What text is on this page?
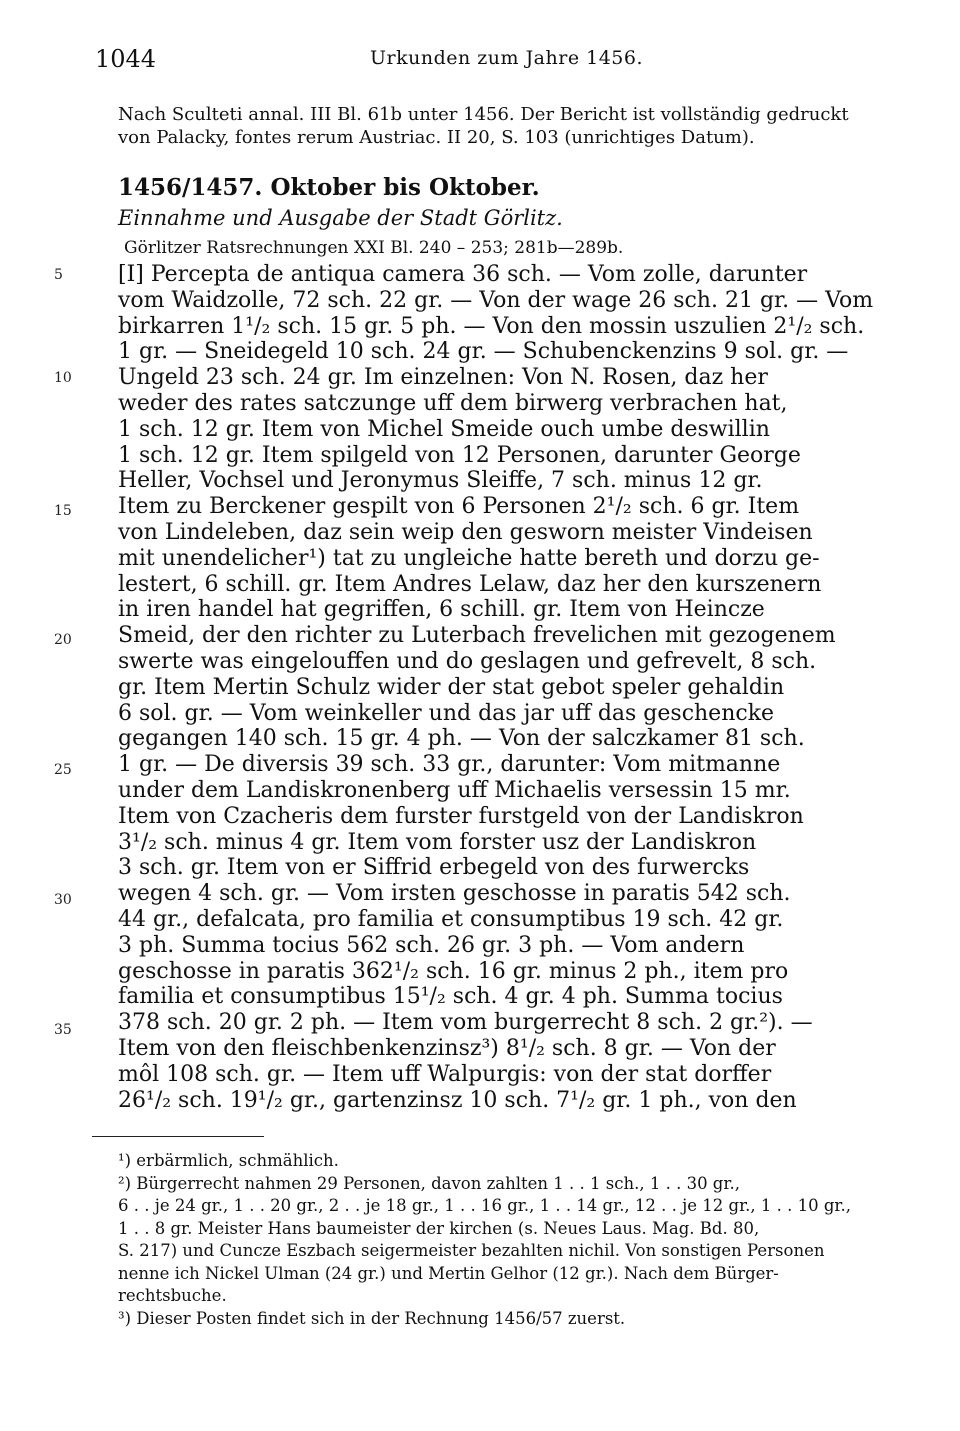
1044	Urkunden zum Jahre 1456.
Nach Sculteti annal. III Bl. 61b unter 1456. Der Bericht ist vollständig gedruckt von Palacky, fontes rerum Austriac. II 20, S. 103 (unrichtiges Datum).
1456/1457. Oktober bis Oktober.
Einnahme und Ausgabe der Stadt Görlitz.
Görlitzer Ratsrechnungen XXI Bl. 240 – 253; 281b—289b.
5
10
15
20
25
30
35
[I] Percepta de antiqua camera 36 sch. — Vom zolle, darunter
vom Waidzolle, 72 sch. 22 gr. — Von der wage 26 sch. 21 gr. — Vom
birkarren 1¹/₂ sch. 15 gr. 5 ph. — Von den mossin uszulien 2¹/₂ sch.
1 gr. — Sneidegeld 10 sch. 24 gr. — Schubenckenzins 9 sol. gr. —
Ungeld 23 sch. 24 gr. Im einzelnen: Von N. Rosen, daz her
weder des rates satczunge uff dem birwerg verbrachen hat,
1 sch. 12 gr. Item von Michel Smeide ouch umbe deswillin
1 sch. 12 gr. Item spilgeld von 12 Personen, darunter George
Heller, Vochsel und Jeronymus Sleiffe, 7 sch. minus 12 gr.
Item zu Berckener gespilt von 6 Personen 2¹/₂ sch. 6 gr. Item
von Lindeleben, daz sein weip den gesworn meister Vindeisen
mit unendelicher¹) tat zu ungleiche hatte bereth und dorzu ge-
lestert, 6 schill. gr. Item Andres Lelaw, daz her den kurszenern
in iren handel hat gegriffen, 6 schill. gr. Item von Heincze
Smeid, der den richter zu Luterbach frevelichen mit gezogenem
swerte was eingelouffen und do geslagen und gefrevelt, 8 sch.
gr. Item Mertin Schulz wider der stat gebot speler gehaldin
6 sol. gr. — Vom weinkeller und das jar uff das geschencke
gegangen 140 sch. 15 gr. 4 ph. — Von der salczkamer 81 sch.
1 gr. — De diversis 39 sch. 33 gr., darunter: Vom mitmanne
under dem Landiskronenberg uff Michaelis versessin 15 mr.
Item von Czacheris dem furster furstgeld von der Landiskron
3¹/₂ sch. minus 4 gr. Item vom forster usz der Landiskron
3 sch. gr. Item von er Siffrid erbegeld von des furwercks
wegen 4 sch. gr. — Vom irsten geschosse in paratis 542 sch.
44 gr., defalcata, pro familia et consumptibus 19 sch. 42 gr.
3 ph. Summa tocius 562 sch. 26 gr. 3 ph. — Vom andern
geschosse in paratis 362¹/₂ sch. 16 gr. minus 2 ph., item pro
familia et consumptibus 15¹/₂ sch. 4 gr. 4 ph. Summa tocius
378 sch. 20 gr. 2 ph. — Item vom burgerrecht 8 sch. 2 gr.²). —
Item von den fleischbenkenzinsz³) 8¹/₂ sch. 8 gr. — Von der
môl 108 sch. gr. — Item uff Walpurgis: von der stat dorffer
26¹/₂ sch. 19¹/₂ gr., gartenzinsz 10 sch. 7¹/₂ gr. 1 ph., von den
¹) erbärmlich, schmählich.
²) Bürgerrecht nahmen 29 Personen, davon zahlten 1 . . 1 sch., 1 . . 30 gr.,
6 . . je 24 gr., 1 . . 20 gr., 2 . . je 18 gr., 1 . . 16 gr., 1 . . 14 gr., 12 . . je 12 gr., 1 . . 10 gr.,
1 . . 8 gr. Meister Hans baumeister der kirchen (s. Neues Laus. Mag. Bd. 80,
S. 217) und Cuncze Eszbach seigermeister bezahlten nichil. Von sonstigen Personen
nenne ich Nickel Ulman (24 gr.) und Mertin Gelhor (12 gr.). Nach dem Bürger-
rechtsbuche.
³) Dieser Posten findet sich in der Rechnung 1456/57 zuerst.
